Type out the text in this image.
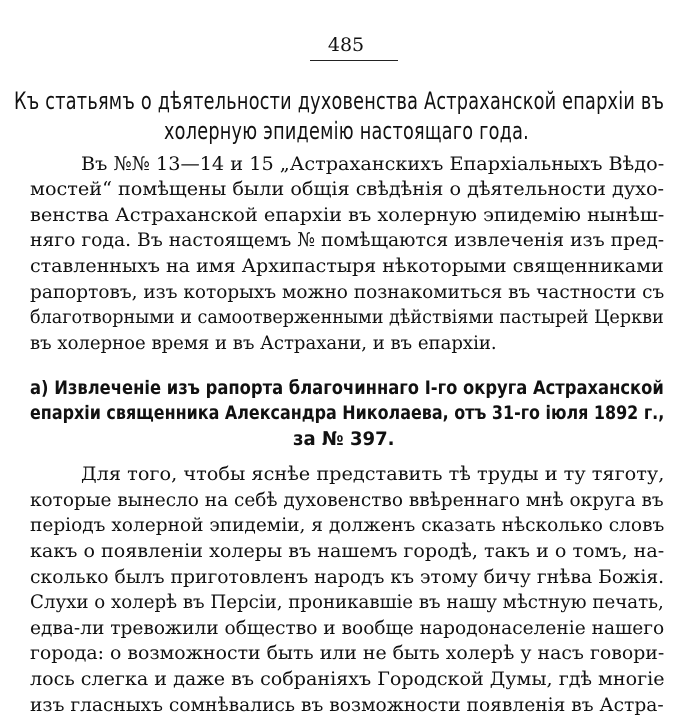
485
Къ статьямъ о дѣятельности духовенства Астраханской епархіи въ
холерную эпидемію настоящаго года.
Въ №№ 13—14 и 15 „Астраханскихъ Епархіальныхъ Вѣдо-
мостей“ помѣщены были общія свѣдѣнія о дѣятельности духо-
венства Астраханской епархіи въ холерную эпидемію нынѣш-
няго года. Въ настоящемъ № помѣщаются извлеченія изъ пред-
ставленныхъ на имя Архипастыря нѣкоторыми священниками
рапортовъ, изъ которыхъ можно познакомиться въ частности съ
благотворными и самоотверженными дѣйствіями пастырей Церкви
въ холерное время и въ Астрахани, и въ епархіи.
а) Извлеченіе изъ рапорта благочиннаго I-го округа Астраханской
епархіи священника Александра Николаева, отъ 31-го іюля 1892 г.,
за № 397.
Для того, чтобы яснѣе представить тѣ труды и ту тяготу,
которые вынесло на себѣ духовенство ввѣреннаго мнѣ округа въ
періодъ холерной эпидеміи, я долженъ сказать нѣсколько словъ
какъ о появленіи холеры въ нашемъ городѣ, такъ и о томъ, на-
сколько былъ приготовленъ народъ къ этому бичу гнѣва Божія.
Слухи о холерѣ въ Персіи, проникавшіе въ нашу мѣстную печать,
едва-ли тревожили общество и вообще народонаселеніе нашего
города: о возможности быть или не быть холерѣ у насъ говори-
лось слегка и даже въ собраніяхъ Городской Думы, гдѣ многіе
изъ гласныхъ сомнѣвались въ возможности появленія въ Астра-
